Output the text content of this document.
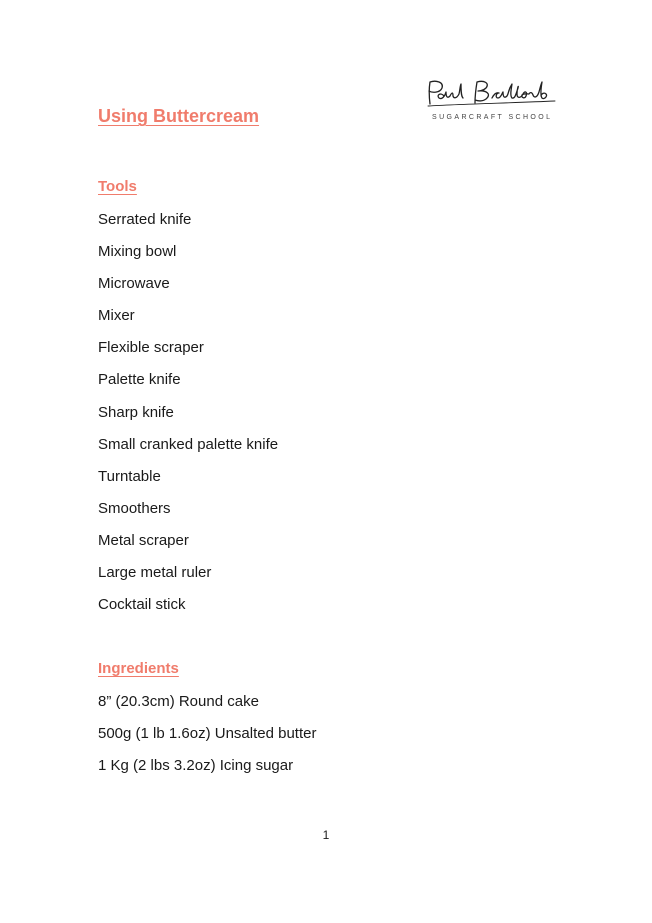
SUGARCRAFT SCHOOL
Using Buttercream
Tools
Serrated knife
Mixing bowl
Microwave
Mixer
Flexible scraper
Palette knife
Sharp knife
Small cranked palette knife
Turntable
Smoothers
Metal scraper
Large metal ruler
Cocktail stick
Ingredients
8” (20.3cm) Round cake
500g (1 lb 1.6oz) Unsalted butter
1 Kg (2 lbs 3.2oz) Icing sugar
1
